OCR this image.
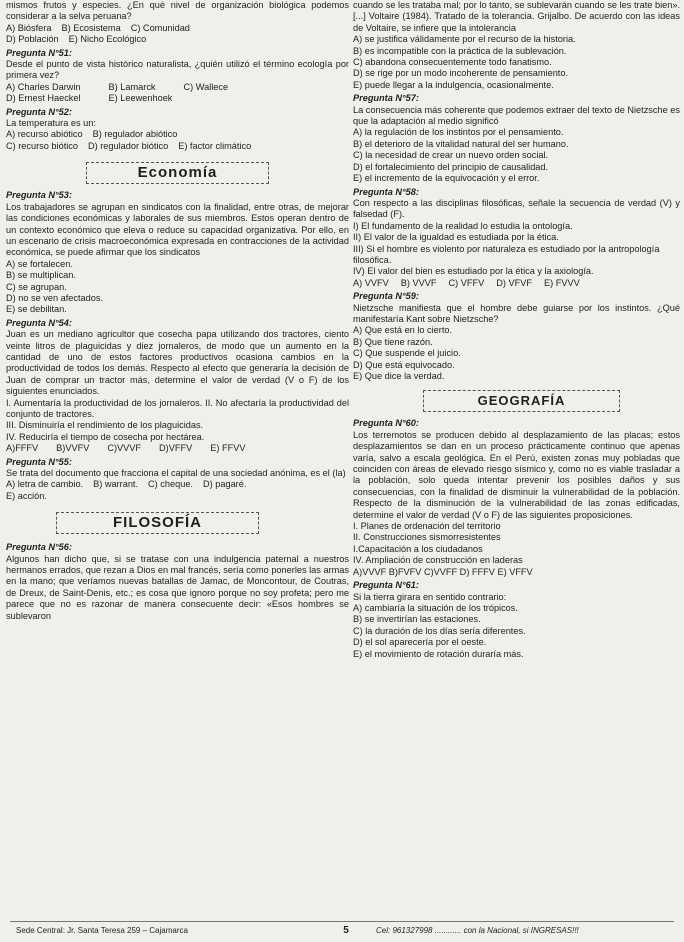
mismos frutos y especies. ¿En qué nivel de organización biológica podemos considerar a la selva peruana?

A) Biósfera B) Ecosistema C) Comunidad
D) Población E) Nicho Ecológico

Pregunta N°51:

Desde el punto de vista histórico naturalista, ¿quién utilizó el término ecología por primera vez?

A) Charles Darwin	B) Lamarck	C) Wallece
D) Ernest Haeckel	E) Leewenhoek

Pregunta N°52:

La temperatura es un:

A) recurso abiótico B) regulador abiótico
C) recurso biótico D) regulador biótico E) factor climático
Economía

Pregunta N°53:

Los trabajadores se agrupan en sindicatos con la finalidad, entre otras, de mejorar las condiciones económicas y laborales de sus miembros. Estos operan dentro de un contexto económico que eleva o reduce su capacidad organizativa. Por ello, en un escenario de crisis macroeconómica expresada en contracciones de la actividad económica, se puede afirmar que los sindicatos

A) se fortalecen.

B) se multiplican.

C) se agrupan.

D) no se ven afectados.

E) se debilitan.

Pregunta N°54:

Juan es un mediano agricultor que cosecha papa utilizando dos tractores, ciento veinte litros de plaguicidas y diez jornaleros, de modo que un aumento en la cantidad de uno de estos factores productivos ocasiona cambios en la productividad de todos los demás. Respecto al efecto que generaría la decisión de Juan de comprar un tractor más, determine el valor de verdad (V o F) de los siguientes enunciados.

I. Aumentaría la productividad de los jornaleros. II. No afectaría la productividad del conjunto de tractores.

III. Disminuiría el rendimiento de los plaguicidas.

IV. Reduciría el tiempo de cosecha por hectárea.

A)FFFV B)VVFV C)VVVF D)VFFV E) FFVV

Pregunta N°55:

Se trata del documento que fracciona el capital de una sociedad anónima, es el (la)

A) letra de cambio. B) warrant. C) cheque. D) pagaré.

E) acción.

FILOSOFÍA

Pregunta N°56:

Algunos han dicho que, si se tratase con una indulgencia paternal a nuestros hermanos errados, que rezan a Dios en mal francés, sería como ponerles las armas en la mano; que veríamos nuevas batallas de Jamac, de Moncontour, de Coutras, de Dreux, de Saint-Denis, etc.; es cosa que ignoro porque no soy profeta; pero me parece que no es razonar de manera consecuente decir: «Esos hombres se sublevaron

cuando se les trataba mal; por lo tanto, se sublevarán cuando se les trate bien». [...] Voltaire (1984). Tratado de la tolerancia. Grijalbo. De acuerdo con las ideas de Voltaire, se infiere que la intolerancia

A) se justifica válidamente por el recurso de la historia.

B) es incompatible con la práctica de la sublevación.

C) abandona consecuentemente todo fanatismo.

D) se rige por un modo incoherente de pensamiento.

E) puede llegar a la indulgencia, ocasionalmente.

Pregunta N°57:

La consecuencia más coherente que podemos extraer del texto de Nietzsche es que la adaptación al medio significó

A) la regulación de los instintos por el pensamiento.

B) el deterioro de la vitalidad natural del ser humano.

C) la necesidad de crear un nuevo orden social.

D) el fortalecimiento del principio de causalidad.

E) el incremento de la equivocación y el error.

Pregunta N°58:

Con respecto a las disciplinas filosóficas, señale la secuencia de verdad (V) y falsedad (F).

I) El fundamento de la realidad lo estudia la ontología.

II) El valor de la igualdad es estudiada por la ética.

III) Si el hombre es violento por naturaleza es estudiado por la antropología filosófica.

IV) El valor del bien es estudiado por la ética y la axiología.

A) VVFV B) VVVF C) VFFV D) VFVF E) FVVV

Pregunta N°59:

Nietzsche manifiesta que el hombre debe guiarse por los instintos. ¿Qué manifestaría Kant sobre Nietzsche?

A) Que está en lo cierto.

B) Que tiene razón.

C) Que suspende el juicio.

D) Que está equivocado.

E) Que dice la verdad.

GEOGRAFÍA

Pregunta N°60:

Los terremotos se producen debido al desplazamiento de las placas; estos desplazamientos se dan en un proceso prácticamente continuo que apenas varía, salvo a escala geológica. En el Perú, existen zonas muy pobladas que coinciden con áreas de elevado riesgo sísmico y, como no es viable trasladar a la población, solo queda intentar prevenir los posibles daños y sus consecuencias, con la finalidad de disminuir la vulnerabilidad de la población. Respecto de la disminución de la vulnerabilidad de las zonas edificadas, determine el valor de verdad (V o F) de las siguientes proposiciones.

I. Planes de ordenación del territorio

II. Construcciones sismorresistentes

I.Capacitación a los ciudadanos

IV. Ampliación de construcción en laderas

A)VVVF B)FVFV C)VVFF D) FFFV E) VFFV

Pregunta N°61:

Si la tierra girara en sentido contrario:

A) cambiaría la situación de los trópicos.

B) se invertirían las estaciones.

C) la duración de los días sería diferentes.

D) el sol aparecería por el oeste.

E) el movimiento de rotación duraría más.

Sede Central: Jr. Santa Teresa 259 – Cajamarca	5	Cel: 961327998 ............ con la Nacional, si INGRESAS!!!
